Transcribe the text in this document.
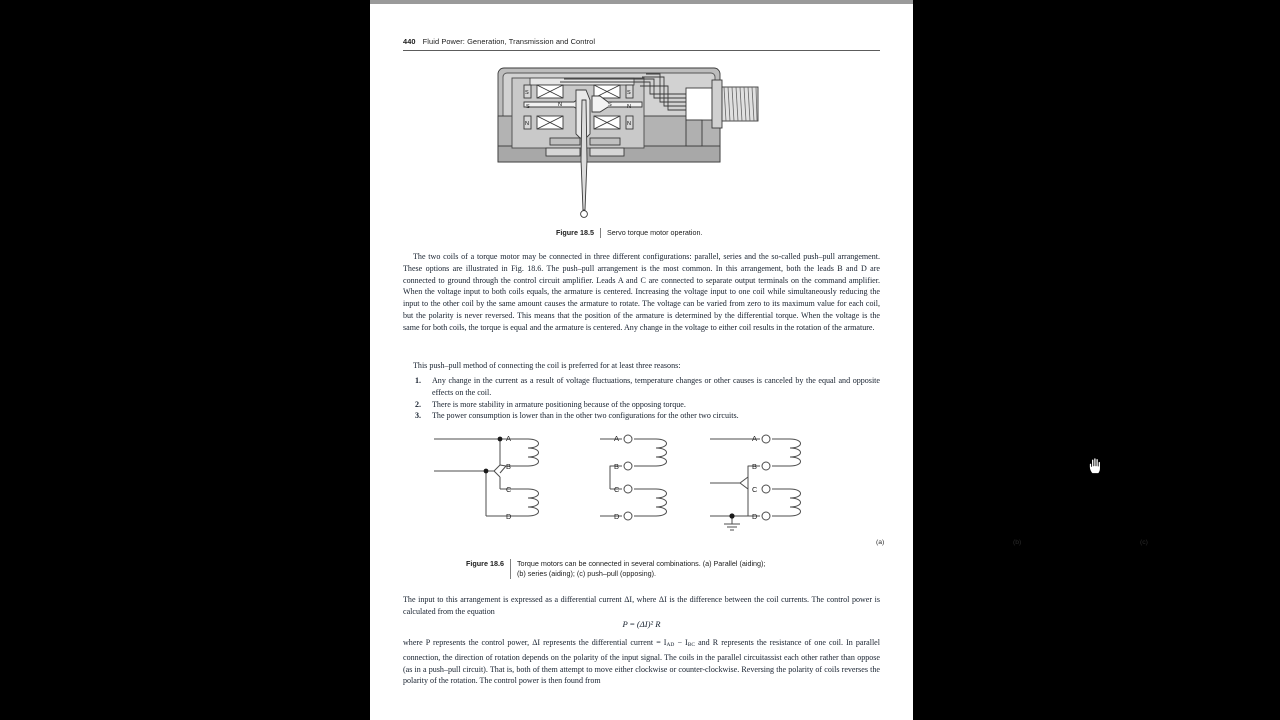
440 Fluid Power: Generation, Transmission and Control
S	S
N	N
S	N	S	N
Figure 18.5 Servo torque motor operation.

The two coils of a torque motor may be connected in three different configurations: parallel, series and the so-called push–pull arrangement. These options are illustrated in Fig. 18.6. The push–pull arrangement is the most common. In this arrangement, both the leads B and D are connected to ground through the control circuit amplifier. Leads A and C are connected to separate output terminals on the command amplifier. When the voltage input to both coils equals, the armature is centered. Increasing the voltage input to one coil while simultaneously reducing the input to the other coil by the same amount causes the armature to rotate. The voltage can be varied from zero to its maximum value for each coil, but the polarity is never reversed. This means that the position of the armature is determined by the differential torque. When the voltage is the same for both coils, the torque is equal and the armature is centered. Any change in the voltage to either coil results in the rotation of the armature.

This push–pull method of connecting the coil is preferred for at least three reasons:

1. Any change in the current as a result of voltage fluctuations, temperature changes or other causes is canceled by the equal and opposite effects on the coil.
2. There is more stability in armature positioning because of the opposing torque.
3. The power consumption is lower than in the other two configurations for the other two circuits.
A
B
C
D
A
B
C
D
A
B
C
D
(a)	(b)	(c)
Figure 18.6 Torque motors can be connected in several combinations. (a) Parallel (aiding);
(b) series (aiding); (c) push–pull (opposing).

The input to this arrangement is expressed as a differential current ΔI, where ΔI is the difference between the coil currents. The control power is calculated from the equation

P = (ΔI)² R

where P represents the control power, ΔI represents the differential current = $I_{AD} - I_{BC}$ and R represents the resistance of one coil. In parallel connection, the direction of rotation depends on the polarity of the input signal. The coils in the parallel circuitassist each other rather than oppose (as in a push–pull circuit). That is, both of them attempt to move either clockwise or counter-clockwise. Reversing the polarity of coils reverses the polarity of the rotation. The control power is then found from
